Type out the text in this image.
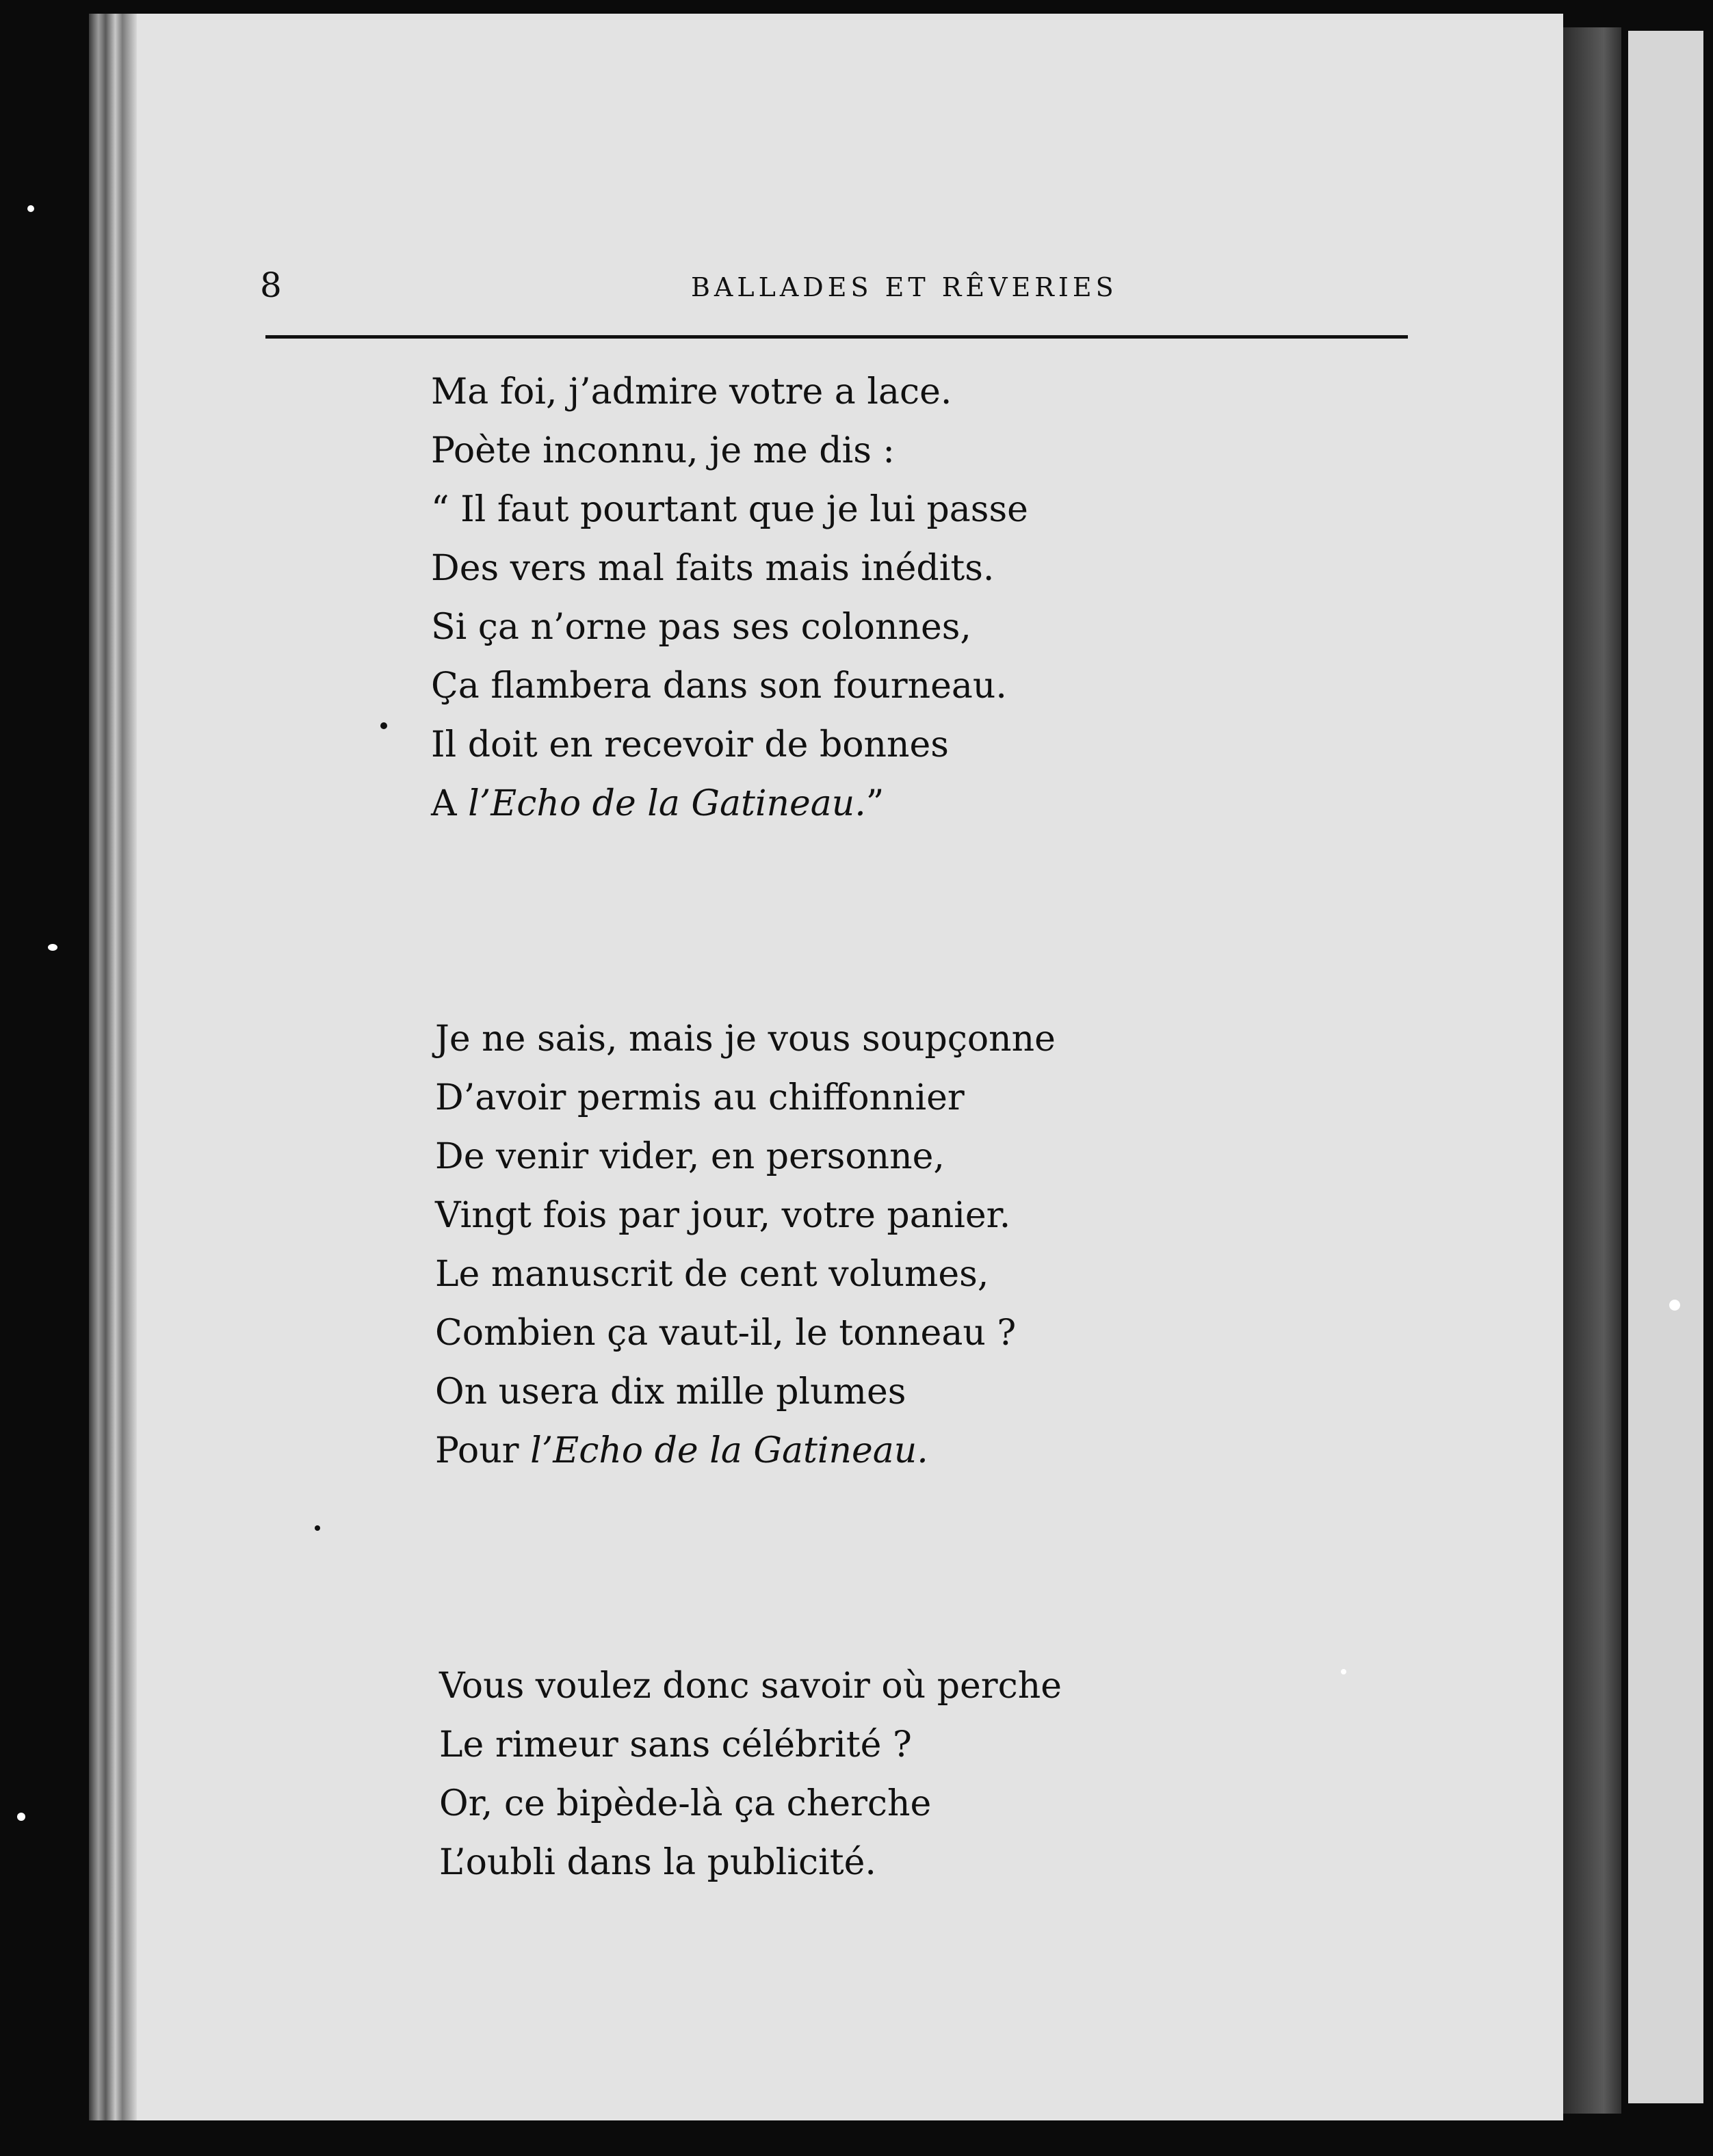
8	BALLADES ET RÊVERIES
Ma foi, j’admire votre a lace.
Poète inconnu, je me dis :
“ Il faut pourtant que je lui passe
Des vers mal faits mais inédits.
Si ça n’orne pas ses colonnes,
Ça flambera dans son fourneau.
Il doit en recevoir de bonnes
A l’Echo de la Gatineau.”
Je ne sais, mais je vous soupçonne
D’avoir permis au chiffonnier
De venir vider, en personne,
Vingt fois par jour, votre panier.
Le manuscrit de cent volumes,
Combien ça vaut-il, le tonneau ?
On usera dix mille plumes
Pour l’Echo de la Gatineau.
Vous voulez donc savoir où perche
Le rimeur sans célébrité ?
Or, ce bipède-là ça cherche
L’oubli dans la publicité.
